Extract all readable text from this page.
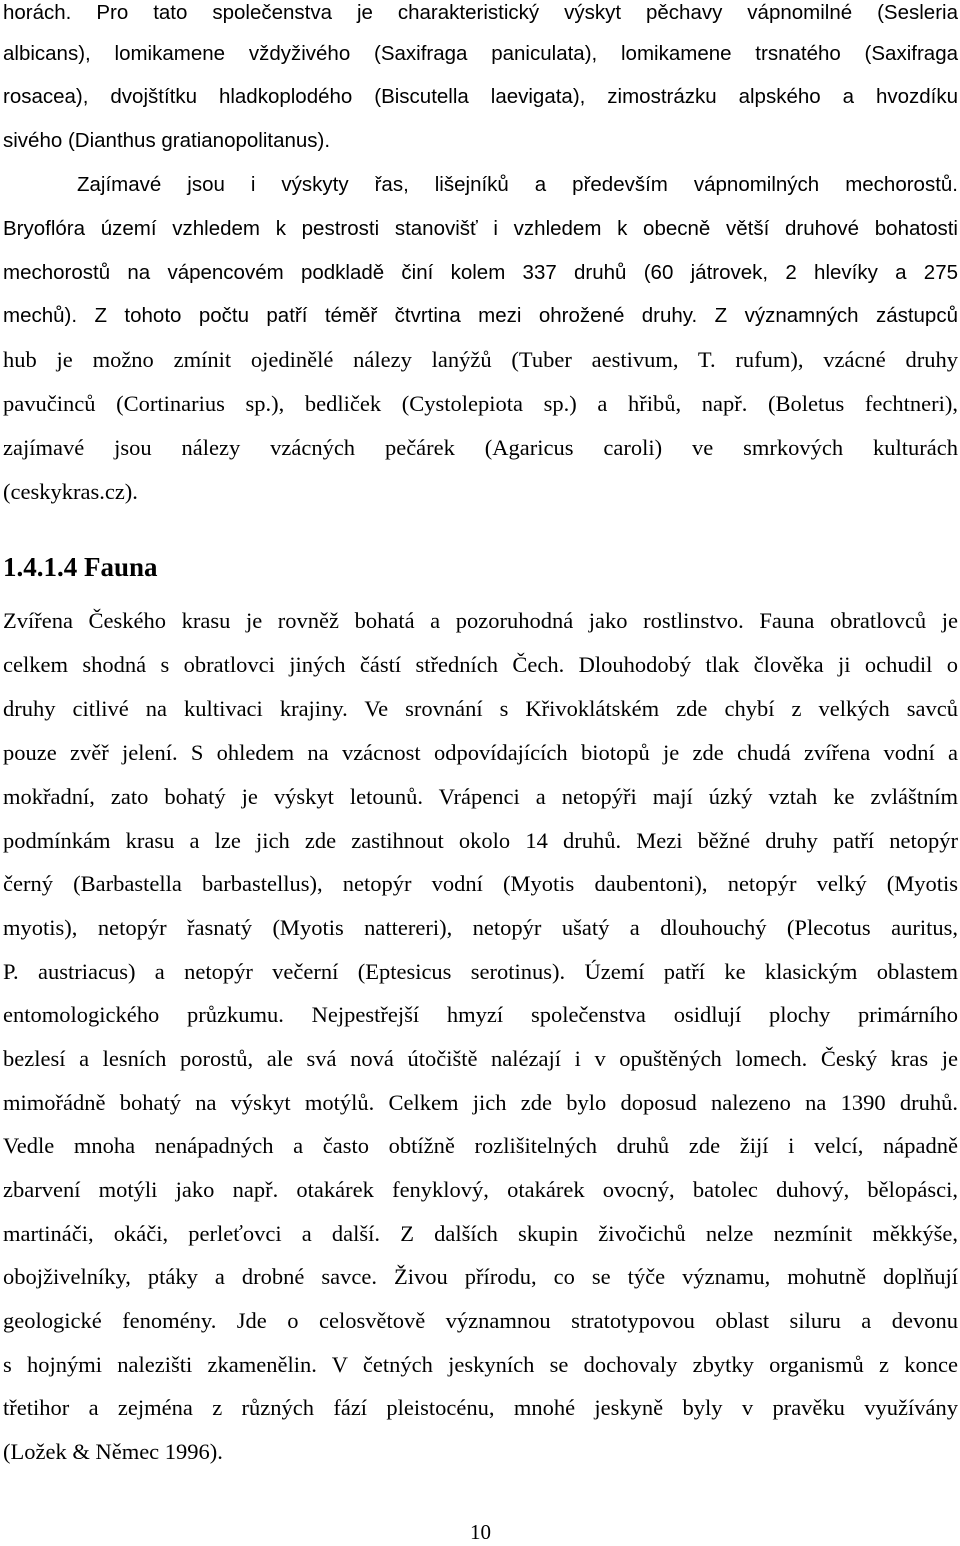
horách. Pro tato společenstva je charakteristický výskyt pěchavy vápnomilné (Sesleria
albicans), lomikamene vždyživého (Saxifraga paniculata), lomikamene trsnatého (Saxifraga
rosacea), dvojštítku hladkoplodého (Biscutella laevigata), zimostrázku alpského a hvozdíku
sivého (Dianthus gratianopolitanus).
Zajímavé jsou i výskyty řas, lišejníků a především vápnomilných mechorostů.
Bryoflóra území vzhledem k pestrosti stanovišť i vzhledem k obecně větší druhové bohatosti
mechorostů na vápencovém podkladě činí kolem 337 druhů (60 játrovek, 2 hlevíky a 275
mechů). Z tohoto počtu patří téměř čtvrtina mezi ohrožené druhy. Z významných zástupců
hub je možno zmínit ojedinělé nálezy lanýžů (Tuber aestivum, T. rufum), vzácné druhy
pavučinců (Cortinarius sp.), bedliček (Cystolepiota sp.) a hřibů, např. (Boletus fechtneri),
zajímavé jsou nálezy vzácných pečárek (Agaricus caroli) ve smrkových kulturách
(ceskykras.cz).
1.4.1.4 Fauna
Zvířena Českého krasu je rovněž bohatá a pozoruhodná jako rostlinstvo. Fauna obratlovců je
celkem shodná s obratlovci jiných částí středních Čech. Dlouhodobý tlak člověka ji ochudil o
druhy citlivé na kultivaci krajiny. Ve srovnání s Křivoklátském zde chybí z velkých savců
pouze zvěř jelení. S ohledem na vzácnost odpovídajících biotopů je zde chudá zvířena vodní a
mokřadní, zato bohatý je výskyt letounů. Vrápenci a netopýři mají úzký vztah ke zvláštním
podmínkám krasu a lze jich zde zastihnout okolo 14 druhů. Mezi běžné druhy patří netopýr
černý (Barbastella barbastellus), netopýr vodní (Myotis daubentoni), netopýr velký (Myotis
myotis), netopýr řasnatý (Myotis nattereri), netopýr ušatý a dlouhouchý (Plecotus auritus,
P. austriacus) a netopýr večerní (Eptesicus serotinus). Území patří ke klasickým oblastem
entomologického průzkumu. Nejpestřejší hmyzí společenstva osidlují plochy primárního
bezlesí a lesních porostů, ale svá nová útočiště nalézají i v opuštěných lomech. Český kras je
mimořádně bohatý na výskyt motýlů. Celkem jich zde bylo doposud nalezeno na 1390 druhů.
Vedle mnoha nenápadných a často obtížně rozlišitelných druhů zde žijí i velcí, nápadně
zbarvení motýli jako např. otakárek fenyklový, otakárek ovocný, batolec duhový, bělopásci,
martináči, okáči, perleťovci a další. Z dalších skupin živočichů nelze nezmínit měkkýše,
obojživelníky, ptáky a drobné savce. Živou přírodu, co se týče významu, mohutně doplňují
geologické fenomény. Jde o celosvětově významnou stratotypovou oblast siluru a devonu
s hojnými nalezišti zkamenělin. V četných jeskyních se dochovaly zbytky organismů z konce
třetihor a zejména z různých fází pleistocénu, mnohé jeskyně byly v pravěku využívány
(Ložek & Němec 1996).
10
